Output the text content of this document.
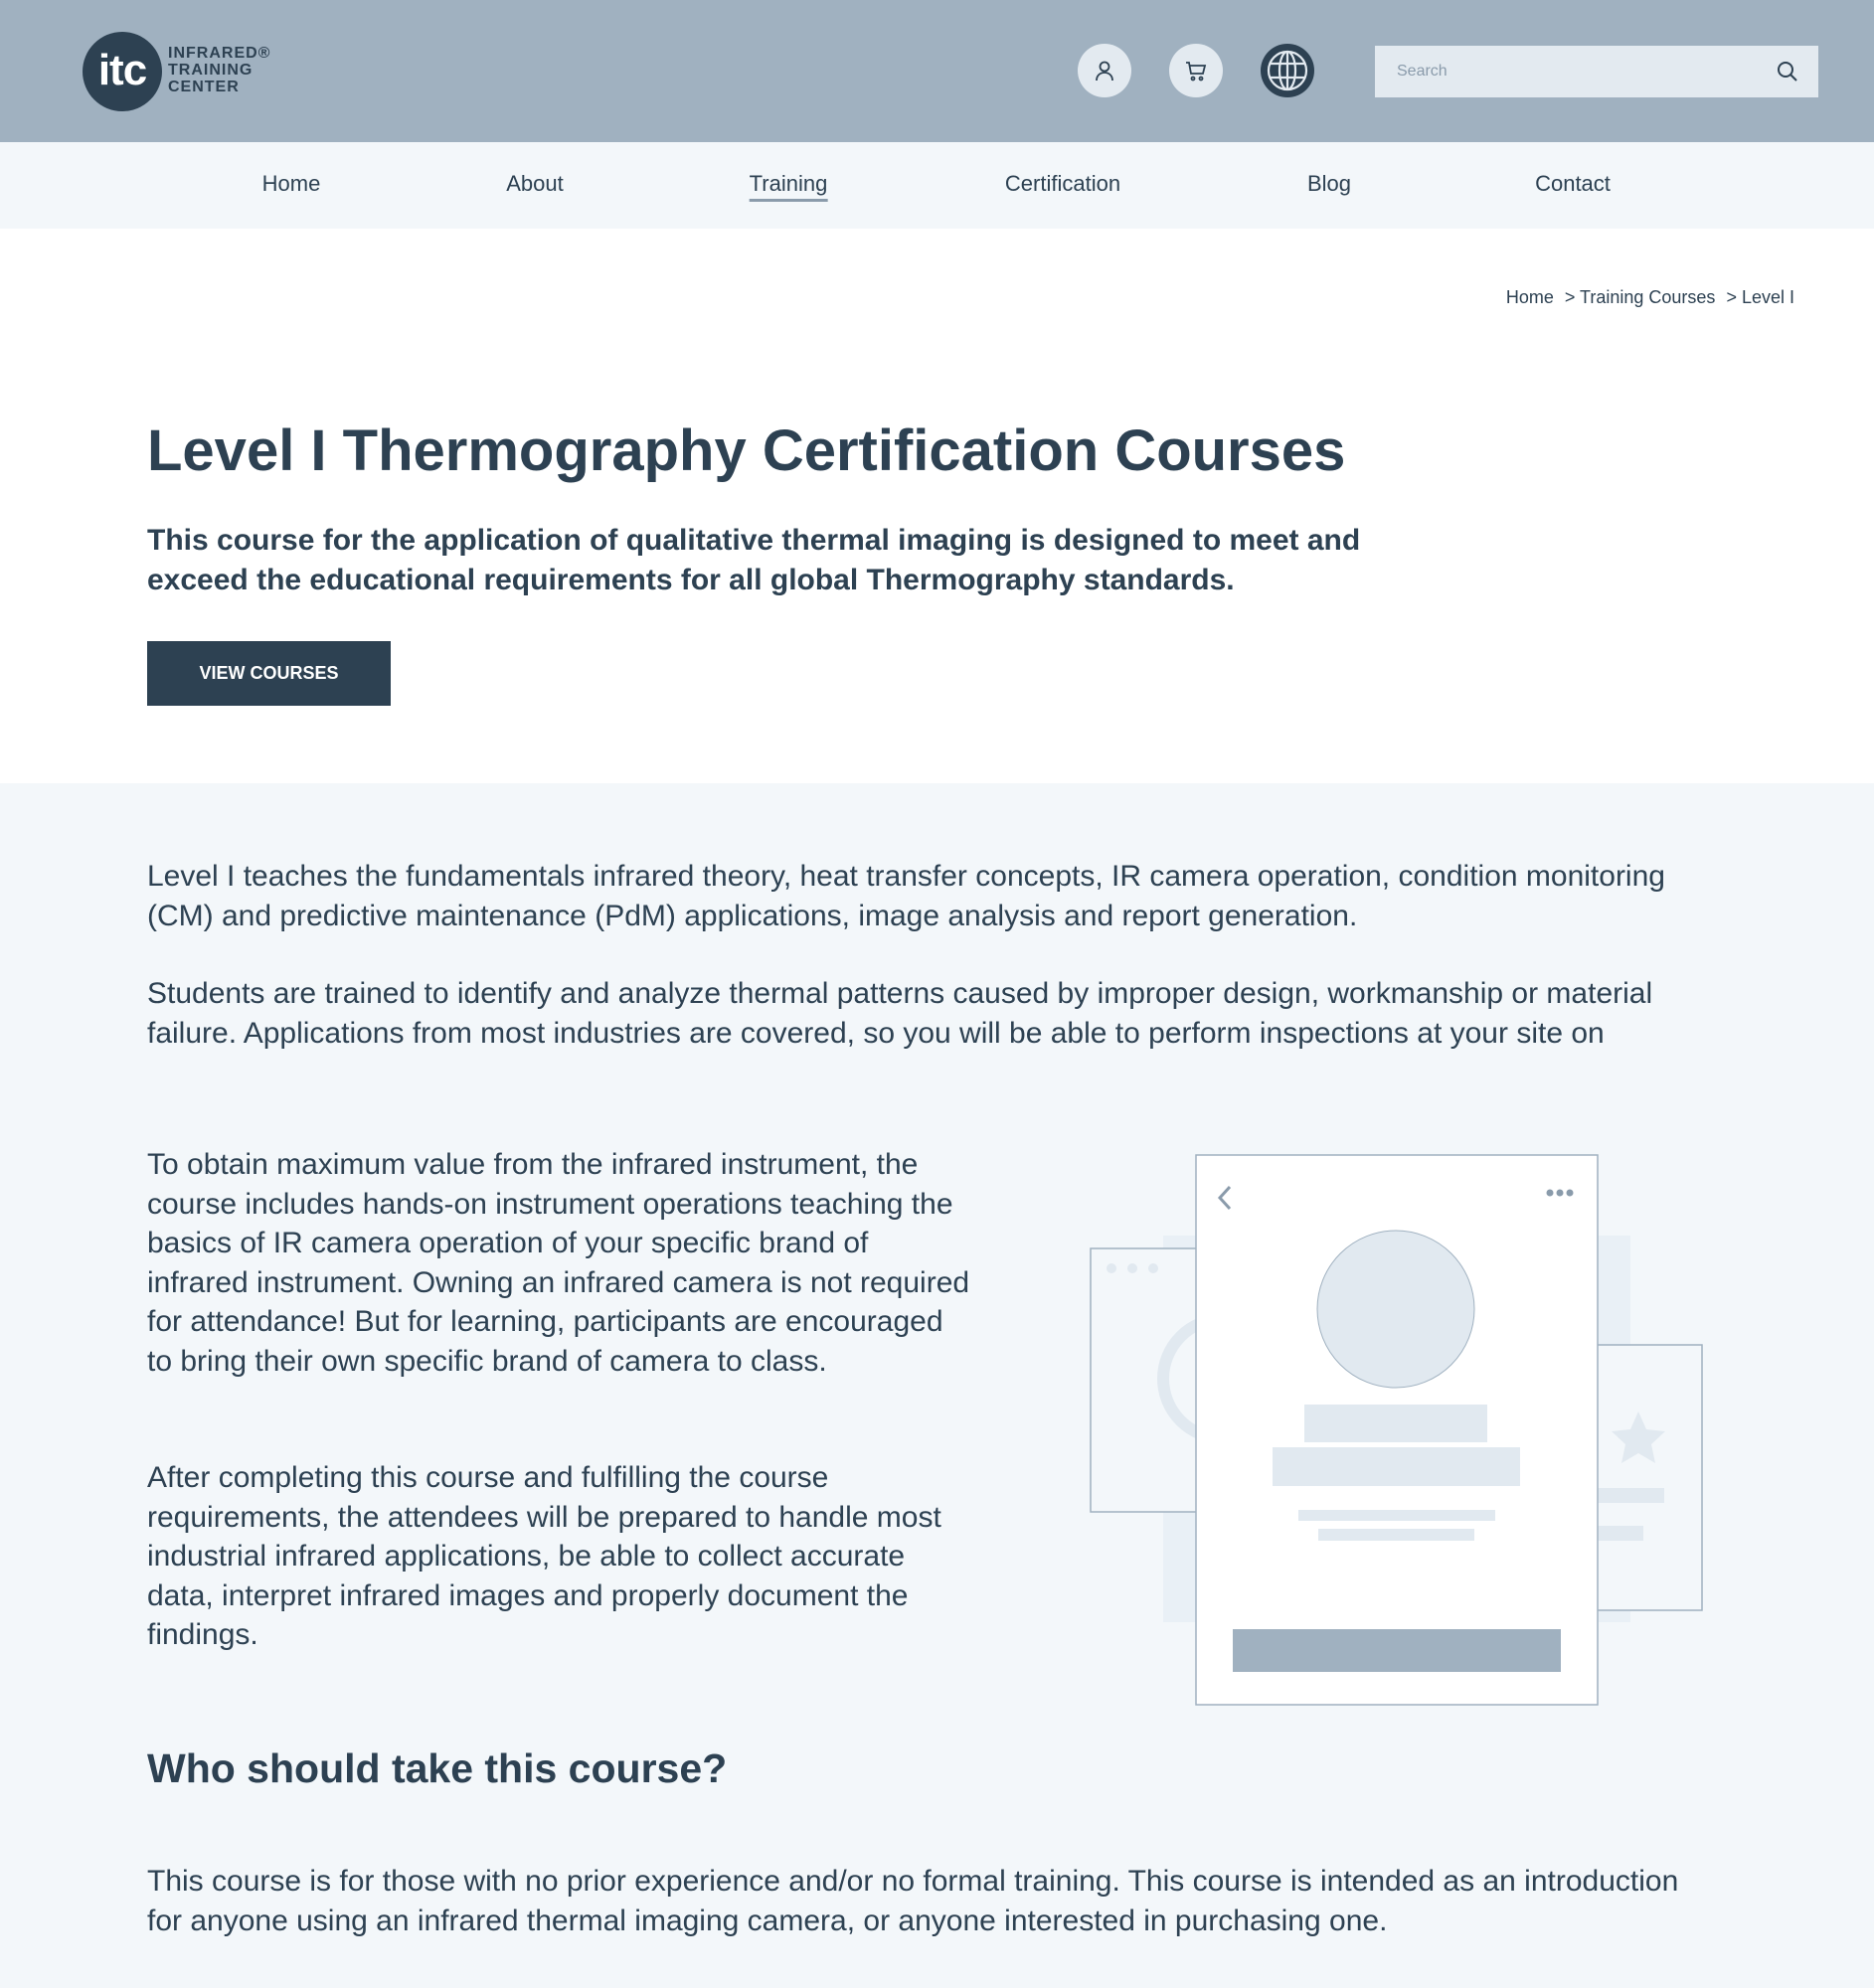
itc	INFRARED®
TRAINING
CENTER
Search
Home	About	Training	Certification	Blog	Contact
Home > Training Courses > Level I
Level I Thermography Certification Courses

This course for the application of qualitative thermal imaging is designed to meet and exceed the educational requirements for all global Thermography standards.

VIEW COURSES

Level I teaches the fundamentals infrared theory, heat transfer concepts, IR camera operation, condition monitoring (CM) and predictive maintenance (PdM) applications, image analysis and report generation.

Students are trained to identify and analyze thermal patterns caused by improper design, workmanship or material failure. Applications from most industries are covered, so you will be able to perform inspections at your site on

To obtain maximum value from the infrared instrument, the course includes hands-on instrument operations teaching the basics of IR camera operation of your specific brand of infrared instrument. Owning an infrared camera is not required for attendance! But for learning, participants are encouraged to bring their own specific brand of camera to class.

After completing this course and fulfilling the course requirements, the attendees will be prepared to handle most industrial infrared applications, be able to collect accurate data, interpret infrared images and properly document the findings.

Who should take this course?

This course is for those with no prior experience and/or no formal training. This course is intended as an introduction for anyone using an infrared thermal imaging camera, or anyone interested in purchasing one.
